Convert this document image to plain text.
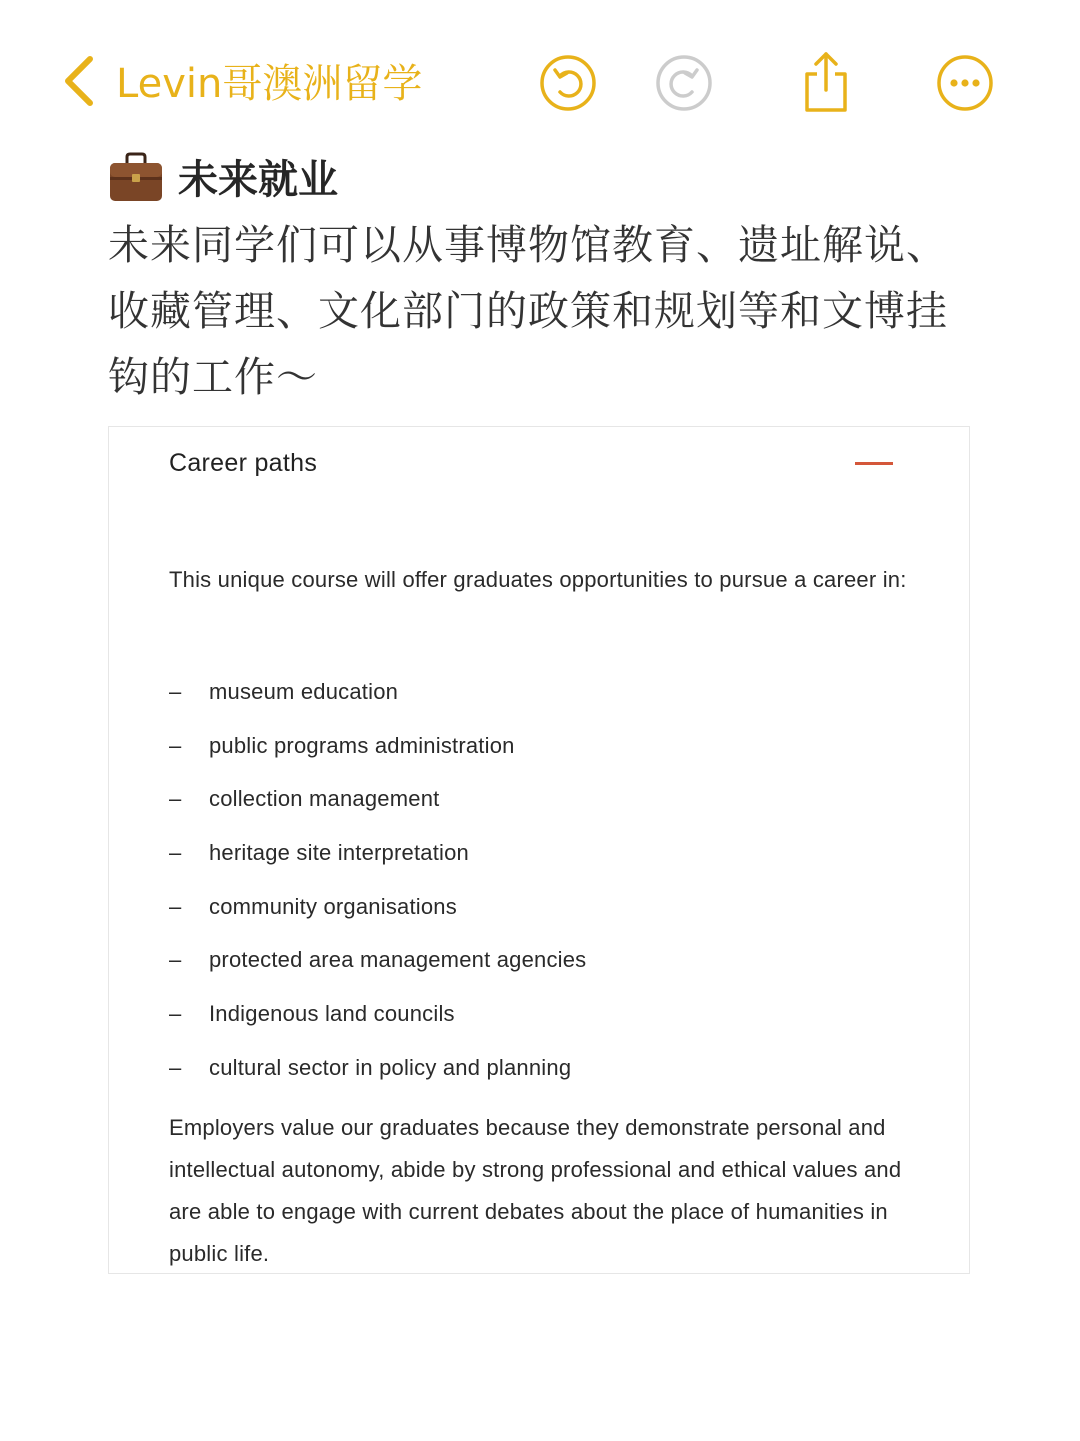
Levin哥澳洲留学
未来就业
未来同学们可以从事博物馆教育、遗址解说、收藏管理、文化部门的政策和规划等和文博挂钩的工作～
Career paths
This unique course will offer graduates opportunities to pursue a career in:
–	museum education
–	public programs administration
–	collection management
–	heritage site interpretation
–	community organisations
–	protected area management agencies
–	Indigenous land councils
–	cultural sector in policy and planning
Employers value our graduates because they demonstrate personal and intellectual autonomy, abide by strong professional and ethical values and are able to engage with current debates about the place of humanities in public life.
